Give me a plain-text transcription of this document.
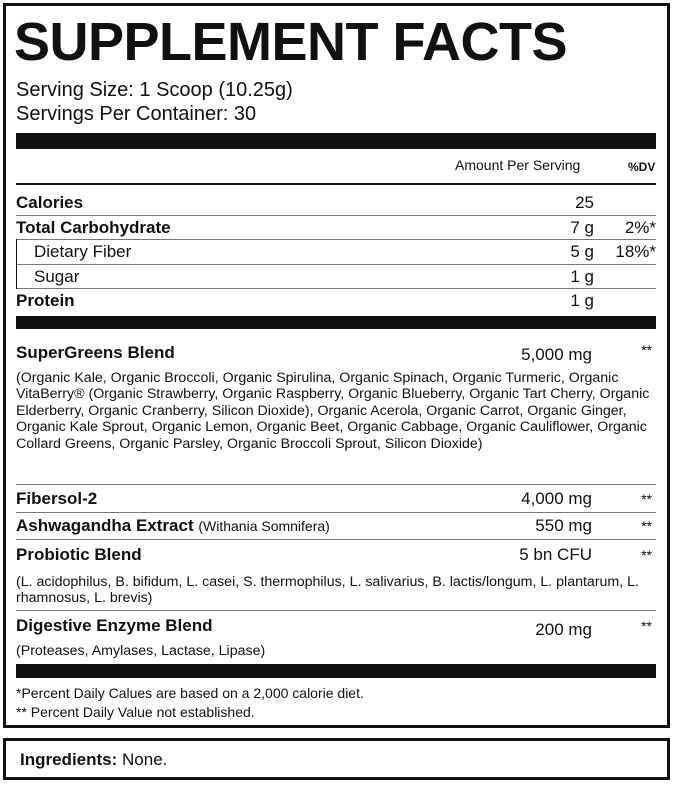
SUPPLEMENT FACTS
Serving Size: 1 Scoop (10.25g)
Servings Per Container: 30
Amount Per Serving	%DV
Calories	25
Total Carbohydrate	7 g 2%*
Dietary Fiber	5 g 18%*
Sugar	1 g
Protein	1 g
SuperGreens Blend	5,000 mg	**
(Organic Kale, Organic Broccoli, Organic Spirulina, Organic Spinach, Organic Turmeric, Organic VitaBerry® (Organic Strawberry, Organic Raspberry, Organic Blueberry, Organic Tart Cherry, Organic Elderberry, Organic Cranberry, Silicon Dioxide), Organic Acerola, Organic Carrot, Organic Ginger, Organic Kale Sprout, Organic Lemon, Organic Beet, Organic Cabbage, Organic Cauliflower, Organic Collard Greens, Organic Parsley, Organic Broccoli Sprout, Silicon Dioxide)
Fibersol-2	4,000 mg	**
Ashwagandha Extract (Withania Somnifera)	550 mg	**
Probiotic Blend	5 bn CFU	**
(L. acidophilus, B. bifidum, L. casei, S. thermophilus, L. salivarius, B. lactis/longum, L. plantarum, L. rhamnosus, L. brevis)
Digestive Enzyme Blend	200 mg	**
(Proteases, Amylases, Lactase, Lipase)
*Percent Daily Calues are based on a 2,000 calorie diet.
** Percent Daily Value not established.
Ingredients: None.
